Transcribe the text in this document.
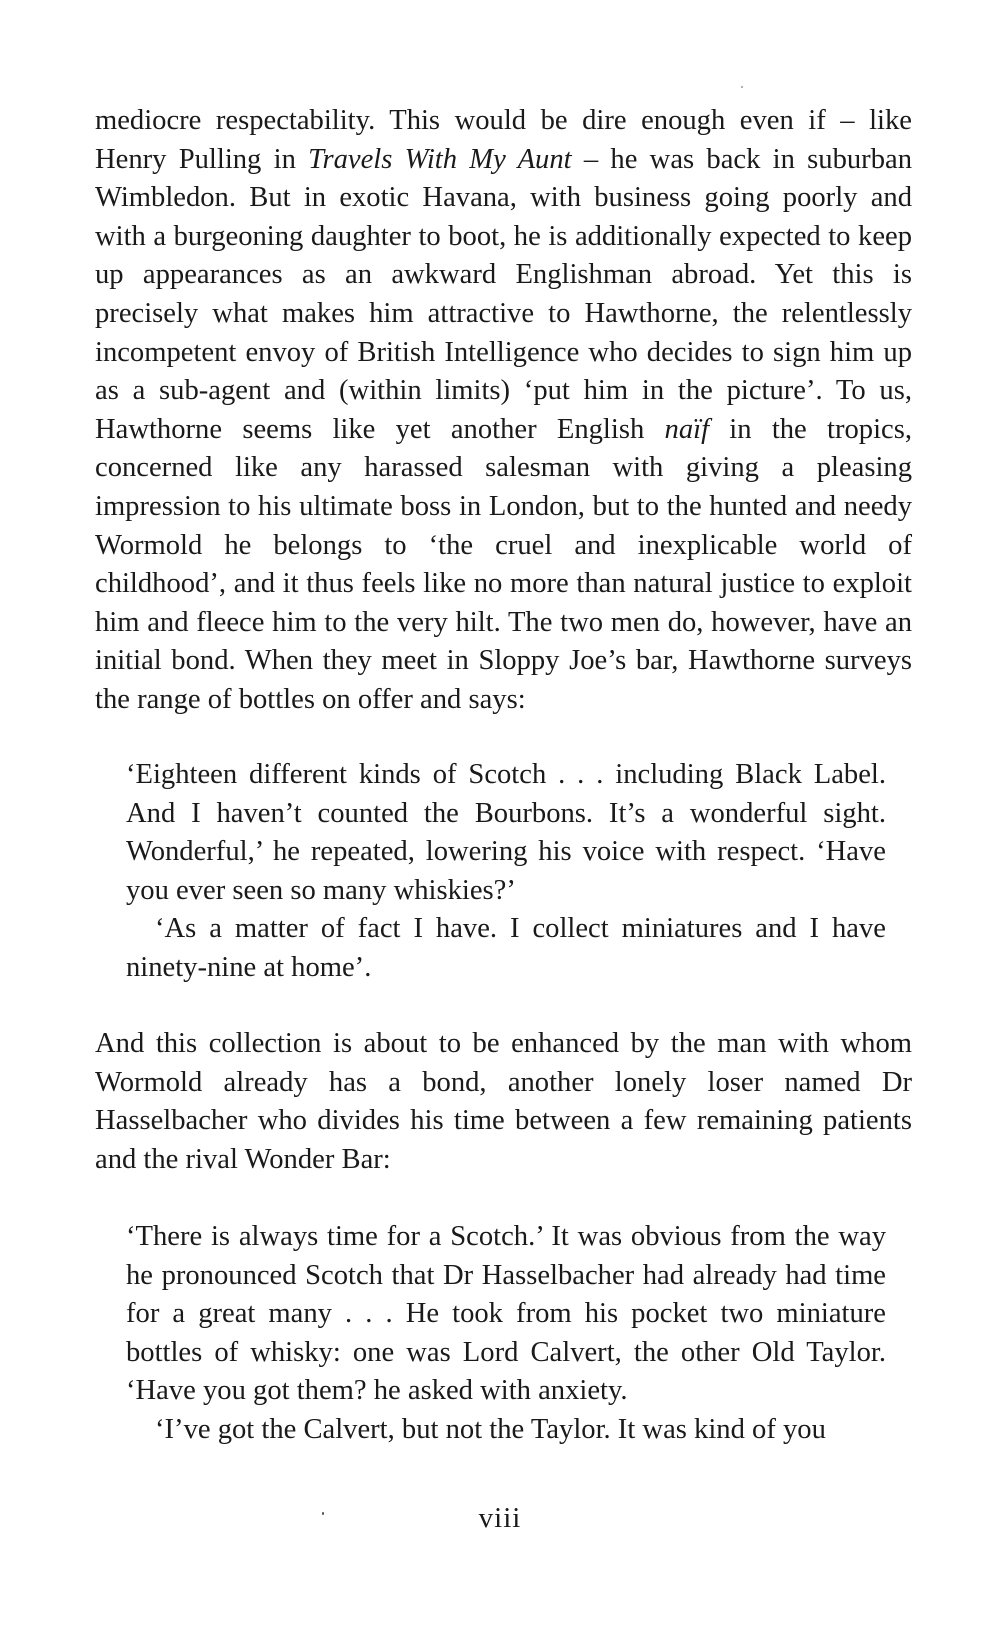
mediocre respectability. This would be dire enough even if – like Henry Pulling in Travels With My Aunt – he was back in suburban Wimbledon. But in exotic Havana, with business going poorly and with a burgeoning daughter to boot, he is additionally expected to keep up appearances as an awkward Englishman abroad. Yet this is precisely what makes him attractive to Hawthorne, the relentlessly incompetent envoy of British Intelligence who decides to sign him up as a sub-agent and (within limits) ‘put him in the picture’. To us, Hawthorne seems like yet another English naïf in the tropics, concerned like any harassed salesman with giving a pleasing impression to his ultimate boss in London, but to the hunted and needy Wormold he belongs to ‘the cruel and inexplicable world of childhood’, and it thus feels like no more than natural justice to exploit him and fleece him to the very hilt. The two men do, however, have an initial bond. When they meet in Sloppy Joe’s bar, Hawthorne surveys the range of bottles on offer and says:

‘Eighteen different kinds of Scotch . . . including Black Label. And I haven’t counted the Bourbons. It’s a wonderful sight. Wonderful,’ he repeated, lowering his voice with respect. ‘Have you ever seen so many whiskies?’

‘As a matter of fact I have. I collect miniatures and I have ninety-nine at home’.

And this collection is about to be enhanced by the man with whom Wormold already has a bond, another lonely loser named Dr Hasselbacher who divides his time between a few remaining patients and the rival Wonder Bar:

‘There is always time for a Scotch.’ It was obvious from the way he pronounced Scotch that Dr Hasselbacher had already had time for a great many . . . He took from his pocket two miniature bottles of whisky: one was Lord Calvert, the other Old Taylor. ‘Have you got them? he asked with anxiety.

‘I’ve got the Calvert, but not the Taylor. It was kind of you

viii
